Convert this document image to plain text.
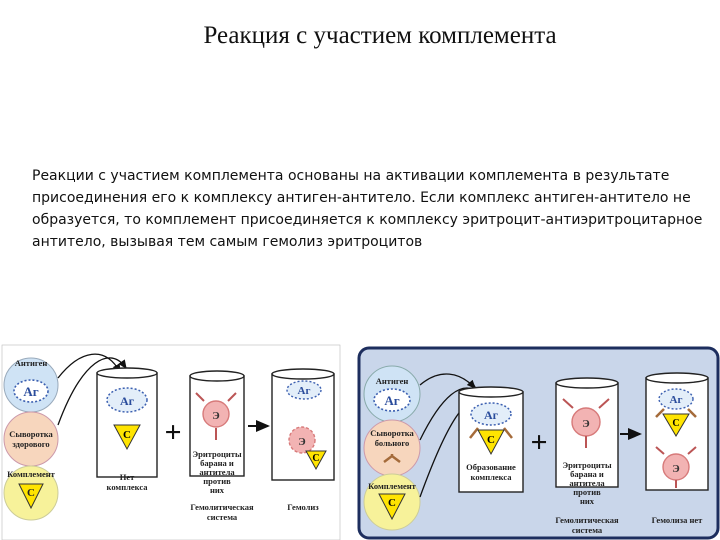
Реакция с участием комплемента

Реакции с участием комплемента основаны на активации комплемента в результате присоединения его к комплексу антиген-антитело. Если комплекс антиген-антитело не образуется, то комплемент присоединяется к комплексу эритроцит-антиэритроцитарное антитело, вызывая тем самым гемолиз эритроцитов

Антиген
Аг
Сыворотка
здорового
Комплемент
С
Аг
С
Нет
комплекса
+	Э
Эритроциты
барана и
антитела
против
них
Аг
Э
С
Гемолитическая
система
Гемолиз
Антиген
Аг
Сыворотка
больного
Комплемент
С
Аг
С
Образование
комплекса
+
Э
Эритроциты
барана и
антитела
против
них
Аг
С
Э
Гемолитическая
система
Гемолиза нет
